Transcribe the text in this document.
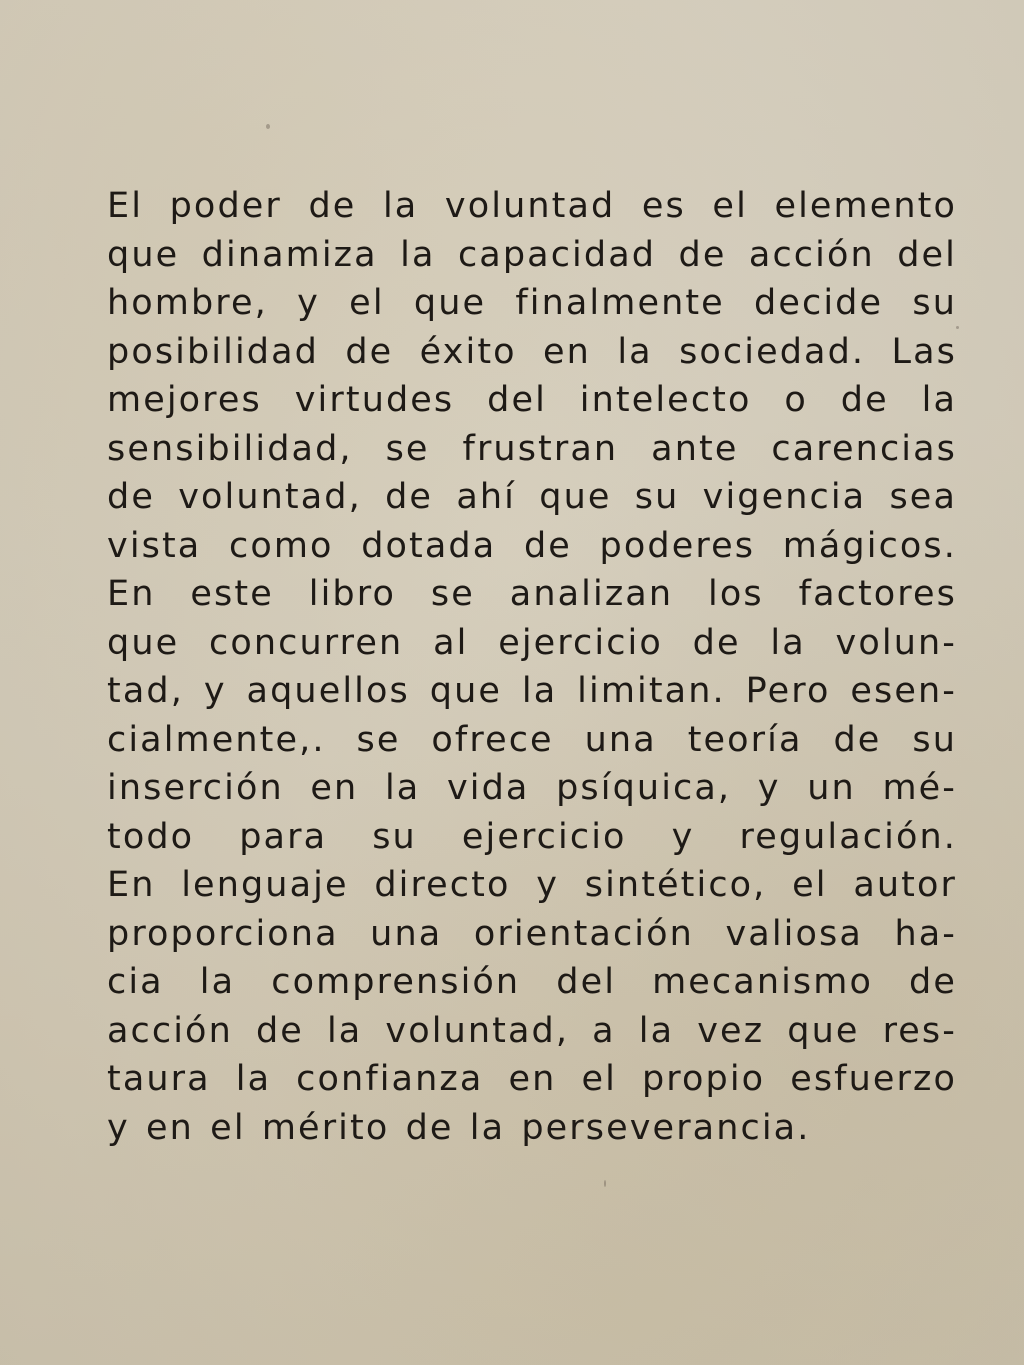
El poder de la voluntad es el elemento
que dinamiza la capacidad de acción del
hombre, y el que finalmente decide su
posibilidad de éxito en la sociedad. Las
mejores virtudes del intelecto o de la
sensibilidad, se frustran ante carencias
de voluntad, de ahí que su vigencia sea
vista como dotada de poderes mágicos.
En este libro se analizan los factores
que concurren al ejercicio de la volun-
tad, y aquellos que la limitan. Pero esen-
cialmente,. se ofrece una teoría de su
inserción en la vida psíquica, y un mé-
todo para su ejercicio y regulación.
En lenguaje directo y sintético, el autor
proporciona una orientación valiosa ha-
cia la comprensión del mecanismo de
acción de la voluntad, a la vez que res-
taura la confianza en el propio esfuerzo
y en el mérito de la perseverancia.
